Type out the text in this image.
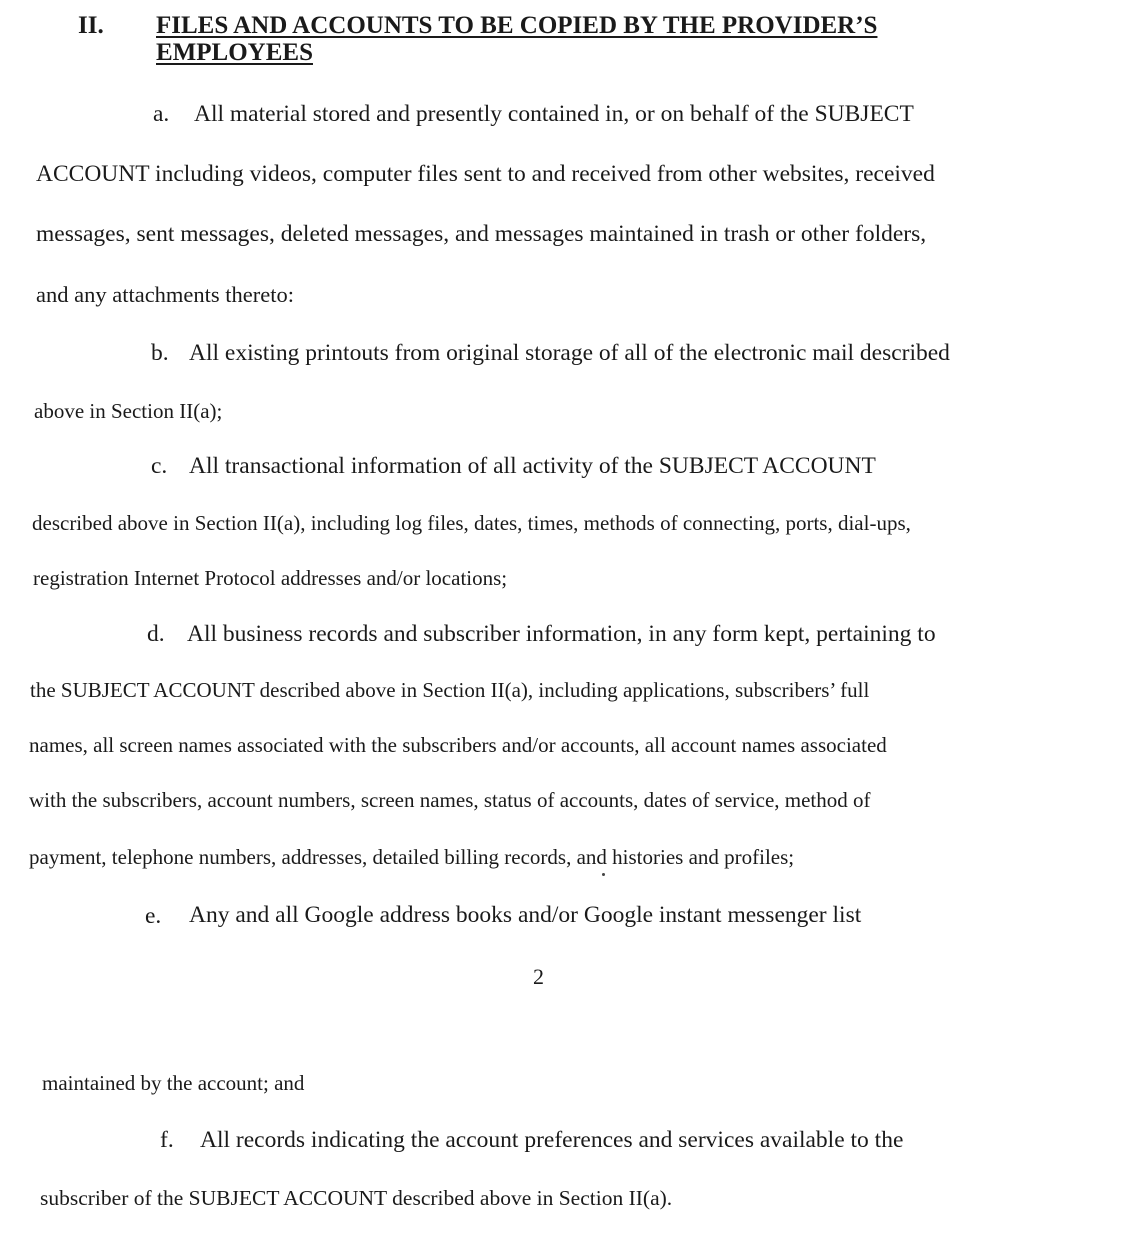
II. FILES AND ACCOUNTS TO BE COPIED BY THE PROVIDER’S
EMPLOYEES
a. All material stored and presently contained in, or on behalf of the SUBJECT
ACCOUNT including videos, computer files sent to and received from other websites, received
messages, sent messages, deleted messages, and messages maintained in trash or other folders,
and any attachments thereto:
b. All existing printouts from original storage of all of the electronic mail described
above in Section II(a);
c. All transactional information of all activity of the SUBJECT ACCOUNT
described above in Section II(a), including log files, dates, times, methods of connecting, ports, dial-ups,
registration Internet Protocol addresses and/or locations;
d. All business records and subscriber information, in any form kept, pertaining to
the SUBJECT ACCOUNT described above in Section II(a), including applications, subscribers’ full
names, all screen names associated with the subscribers and/or accounts, all account names associated
with the subscribers, account numbers, screen names, status of accounts, dates of service, method of
payment, telephone numbers, addresses, detailed billing records, and histories and profiles;
e. Any and all Google address books and/or Google instant messenger list
2
maintained by the account; and
f. All records indicating the account preferences and services available to the
subscriber of the SUBJECT ACCOUNT described above in Section II(a).
